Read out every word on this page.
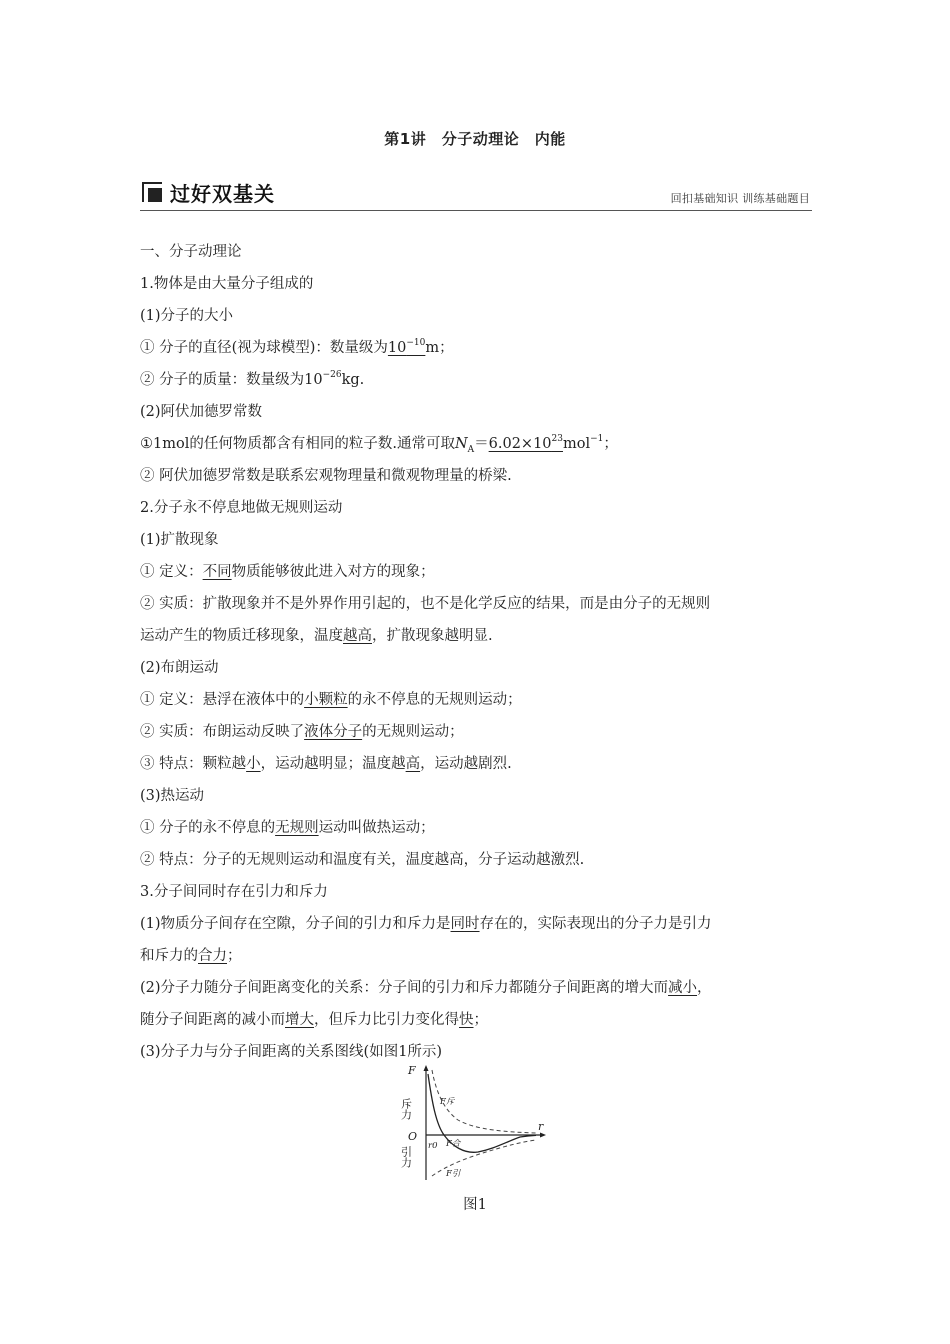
第1讲　分子动理论　内能
过好双基关	回扣基础知识 训练基础题目
一、分子动理论
1.物体是由大量分子组成的
(1)分子的大小
① 分子的直径(视为球模型)：数量级为$10^{-10}m$；
② 分子的质量：数量级为$10^{-26}kg$.
(2)阿伏加德罗常数
①1mol的任何物质都含有相同的粒子数.通常可取$N_A=6.02\times 10^{23}mol^{-1}$；
② 阿伏加德罗常数是联系宏观物理量和微观物理量的桥梁.
2.分子永不停息地做无规则运动
(1)扩散现象
① 定义：不同物质能够彼此进入对方的现象；
② 实质：扩散现象并不是外界作用引起的，也不是化学反应的结果，而是由分子的无规则
运动产生的物质迁移现象，温度越高，扩散现象越明显.
(2)布朗运动
① 定义：悬浮在液体中的小颗粒的永不停息的无规则运动；
② 实质：布朗运动反映了液体分子的无规则运动；
③ 特点：颗粒越小，运动越明显；温度越高，运动越剧烈.
(3)热运动
① 分子的永不停息的无规则运动叫做热运动；
② 特点：分子的无规则运动和温度有关，温度越高，分子运动越激烈.
3.分子间同时存在引力和斥力
(1)物质分子间存在空隙，分子间的引力和斥力是同时存在的，实际表现出的分子力是引力
和斥力的合力；
(2)分子力随分子间距离变化的关系：分子间的引力和斥力都随分子间距离的增大而减小，
随分子间距离的减小而增大，但斥力比引力变化得快；
(3)分子力与分子间距离的关系图线(如图1所示)
F
r
O
斥力
引力
F斥
F合
F引
r0
图1
